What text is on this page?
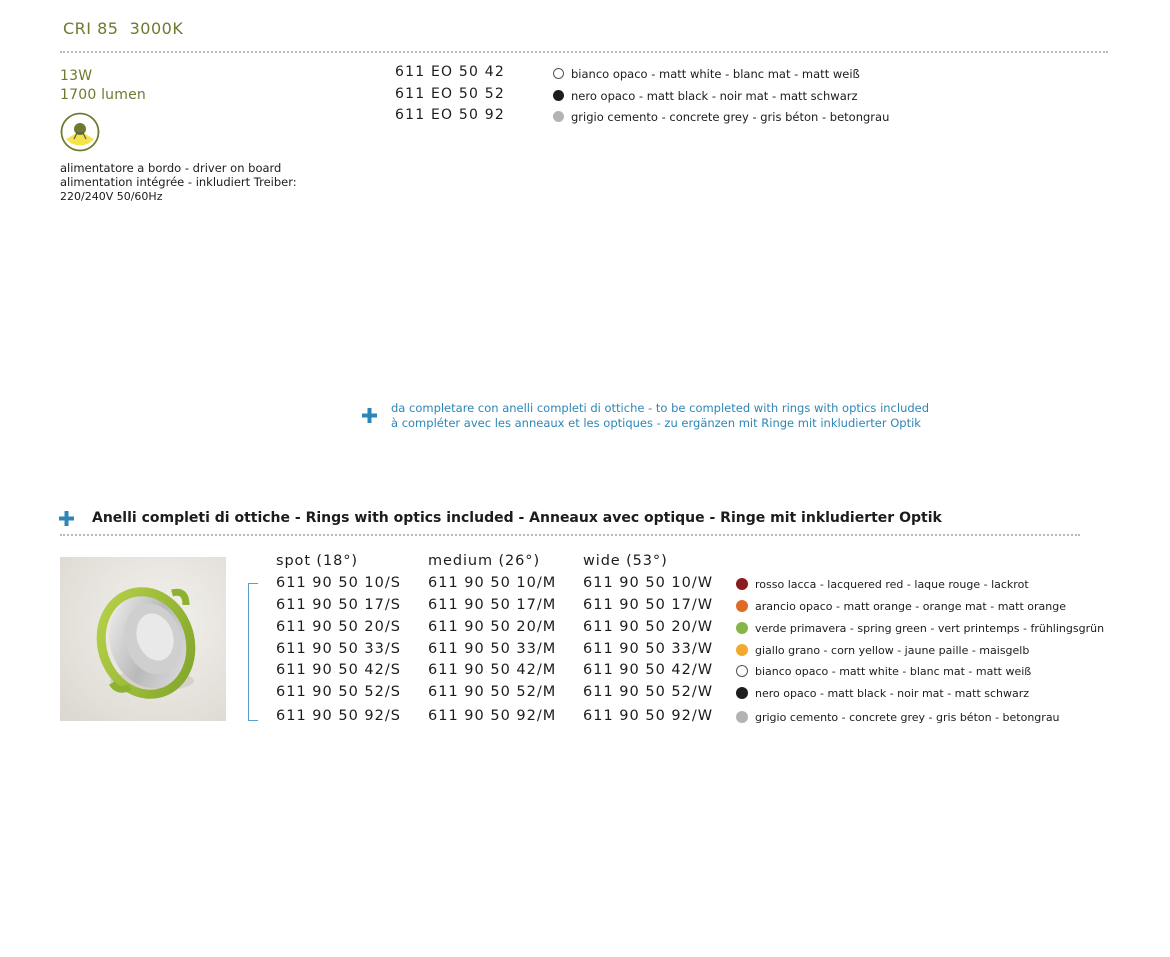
CRI 85  3000K
13W
1700 lumen
alimentatore a bordo - driver on board
alimentation intégrée - inkludiert Treiber:
220/240V 50/60Hz
611 EO 50 42	bianco opaco - matt white - blanc mat - matt weiß
611 EO 50 52	nero opaco - matt black - noir mat - matt schwarz
611 EO 50 92	grigio cemento - concrete grey - gris béton - betongrau
da completare con anelli completi di ottiche - to be completed with rings with optics included
à compléter avec les anneaux et les optiques - zu ergänzen mit Ringe mit inkludierter Optik
Anelli completi di ottiche - Rings with optics included - Anneaux avec optique - Ringe mit inkludierter Optik
spot (18°)	medium (26°)	wide (53°)
611 90 50 10/S 611 90 50 10/M 611 90 50 10/W	rosso lacca - lacquered red - laque rouge - lackrot
611 90 50 17/S 611 90 50 17/M 611 90 50 17/W	arancio opaco - matt orange - orange mat - matt orange
611 90 50 20/S 611 90 50 20/M 611 90 50 20/W	verde primavera - spring green - vert printemps - frühlingsgrün
611 90 50 33/S 611 90 50 33/M 611 90 50 33/W	giallo grano - corn yellow - jaune paille - maisgelb
611 90 50 42/S 611 90 50 42/M 611 90 50 42/W	bianco opaco - matt white - blanc mat - matt weiß
611 90 50 52/S 611 90 50 52/M 611 90 50 52/W	nero opaco - matt black - noir mat - matt schwarz
611 90 50 92/S 611 90 50 92/M 611 90 50 92/W	grigio cemento - concrete grey - gris béton - betongrau
